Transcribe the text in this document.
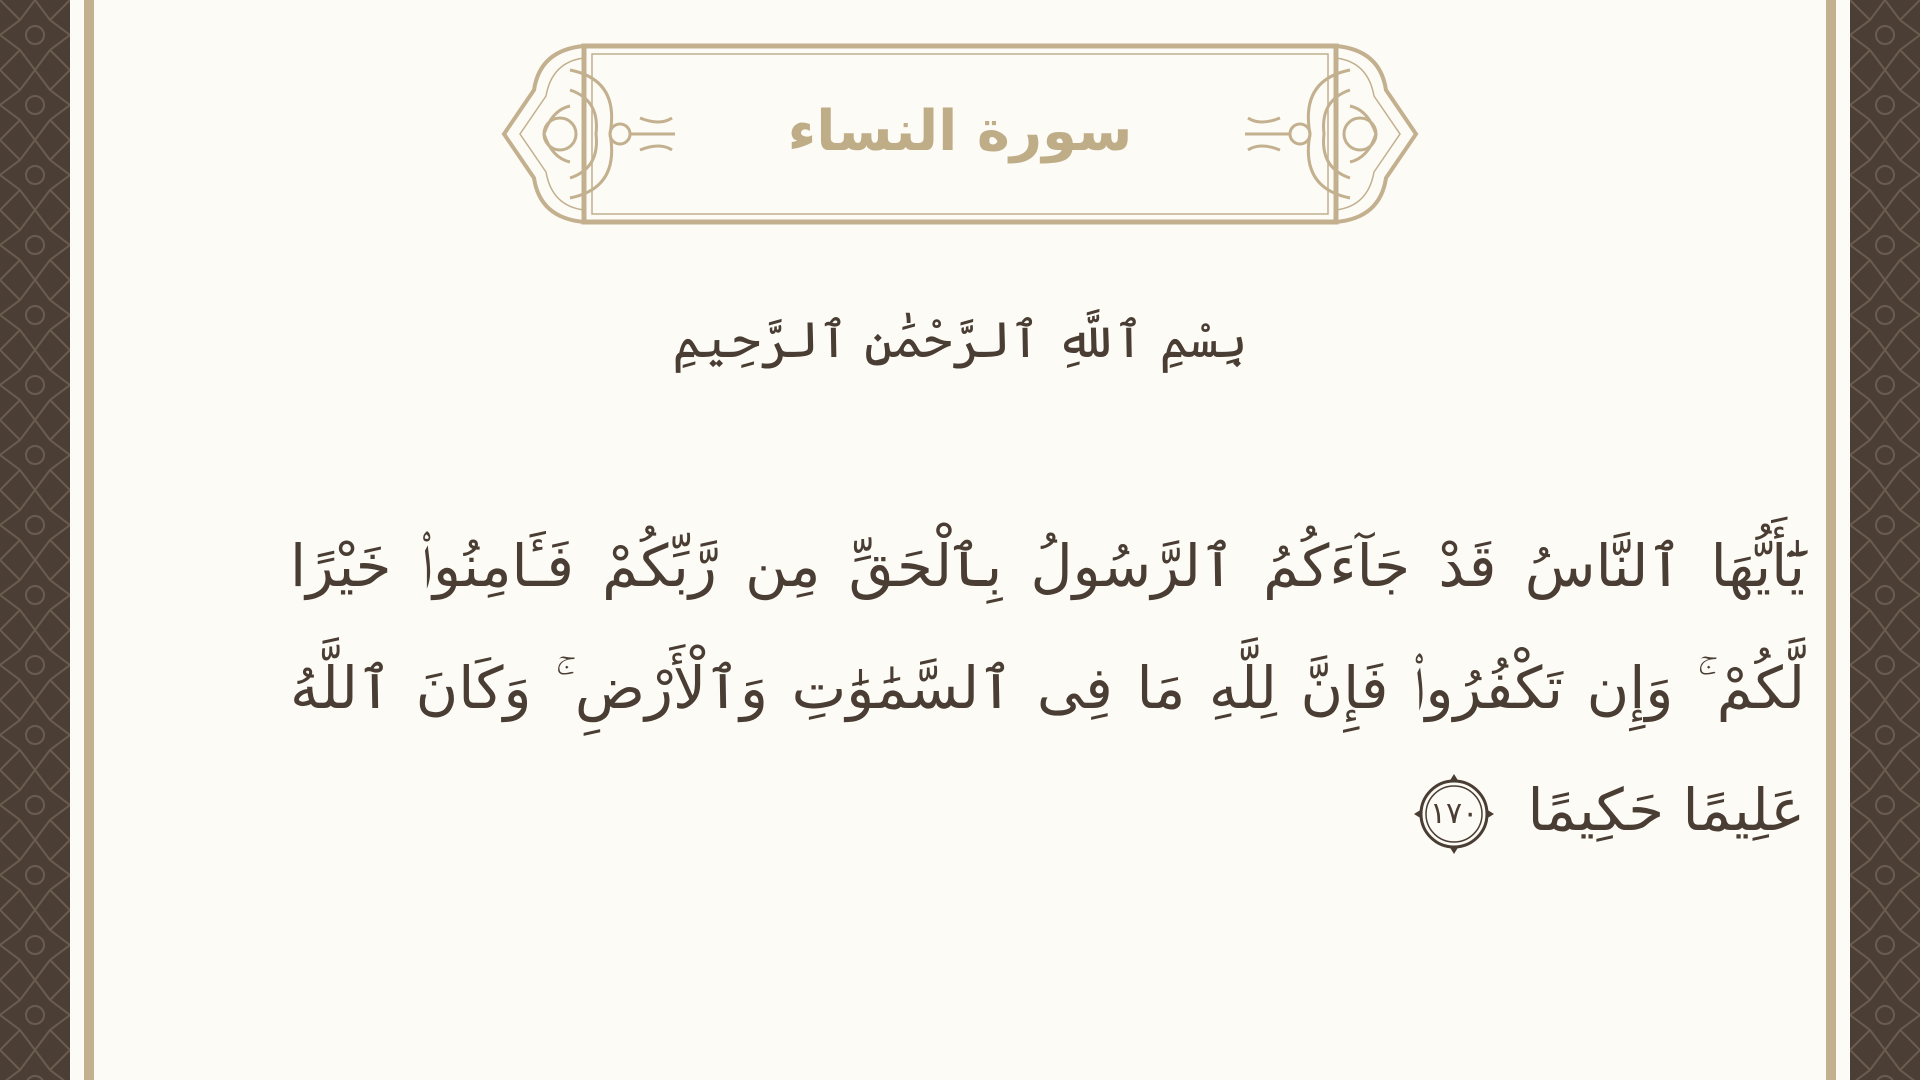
سورة النساء
بِسْمِ ٱللَّهِ ٱلرَّحْمَٰنِ ٱلرَّحِيمِ
يَٰٓأَيُّهَا ٱلنَّاسُ قَدْ جَآءَكُمُ ٱلرَّسُولُ بِٱلْحَقِّ مِن رَّبِّكُمْ فَـَٔامِنُوا۟ خَيْرًا لَّكُمْ ۚ وَإِن تَكْفُرُوا۟ فَإِنَّ لِلَّهِ مَا فِى ٱلسَّمَٰوَٰتِ وَٱلْأَرْضِ ۚ وَكَانَ ٱللَّهُ عَلِيمًا حَكِيمًا
١٧٠
